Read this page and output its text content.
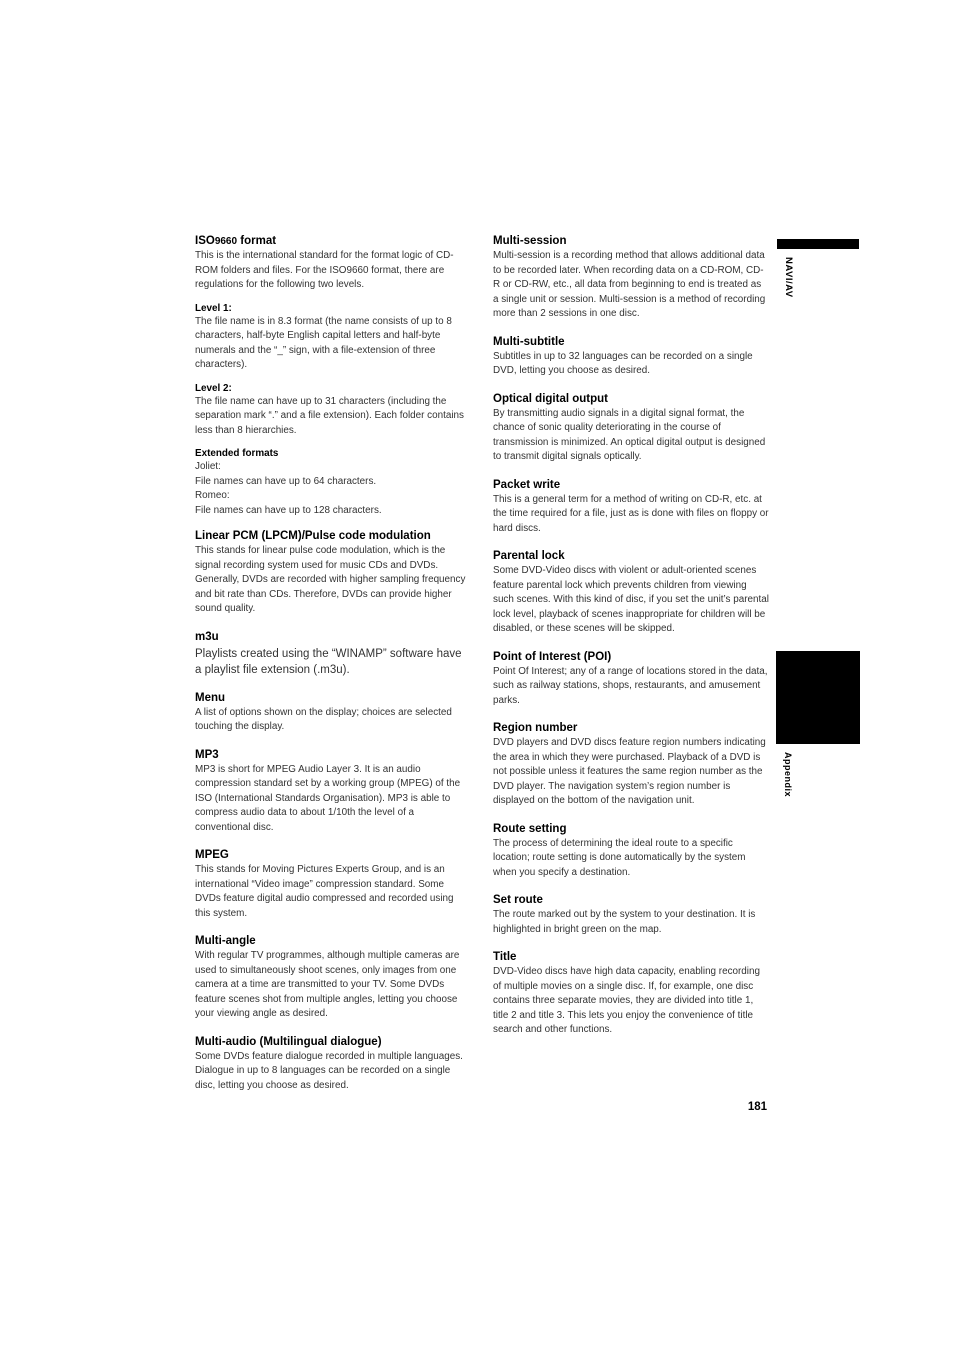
ISO9660 format

This is the international standard for the format logic of CD-ROM folders and files. For the ISO9660 format, there are regulations for the following two levels.

Level 1:

The file name is in 8.3 format (the name consists of up to 8 characters, half-byte English capital letters and half-byte numerals and the “_” sign, with a file-extension of three characters).

Level 2:

The file name can have up to 31 characters (including the separation mark “.” and a file extension). Each folder contains less than 8 hierarchies.

Extended formats

Joliet:

File names can have up to 64 characters.

Romeo:

File names can have up to 128 characters.

Linear PCM (LPCM)/Pulse code modulation

This stands for linear pulse code modulation, which is the signal recording system used for music CDs and DVDs. Generally, DVDs are recorded with higher sampling frequency and bit rate than CDs. Therefore, DVDs can provide higher sound quality.

m3u

Playlists created using the “WINAMP” software have a playlist file extension (.m3u).

Menu

A list of options shown on the display; choices are selected touching the display.

MP3

MP3 is short for MPEG Audio Layer 3. It is an audio compression standard set by a working group (MPEG) of the ISO (International Standards Organisation). MP3 is able to compress audio data to about 1/10th the level of a conventional disc.

MPEG

This stands for Moving Pictures Experts Group, and is an international “Video image” compression standard. Some DVDs feature digital audio compressed and recorded using this system.

Multi-angle

With regular TV programmes, although multiple cameras are used to simultaneously shoot scenes, only images from one camera at a time are transmitted to your TV. Some DVDs feature scenes shot from multiple angles, letting you choose your viewing angle as desired.

Multi-audio (Multilingual dialogue)

Some DVDs feature dialogue recorded in multiple languages. Dialogue in up to 8 languages can be recorded on a single disc, letting you choose as desired.

Multi-session

Multi-session is a recording method that allows additional data to be recorded later. When recording data on a CD-ROM, CD-R or CD-RW, etc., all data from beginning to end is treated as a single unit or session. Multi-session is a method of recording more than 2 sessions in one disc.

Multi-subtitle

Subtitles in up to 32 languages can be recorded on a single DVD, letting you choose as desired.

Optical digital output

By transmitting audio signals in a digital signal format, the chance of sonic quality deteriorating in the course of transmission is minimized. An optical digital output is designed to transmit digital signals optically.

Packet write

This is a general term for a method of writing on CD-R, etc. at the time required for a file, just as is done with files on floppy or hard discs.

Parental lock

Some DVD-Video discs with violent or adult-oriented scenes feature parental lock which prevents children from viewing such scenes. With this kind of disc, if you set the unit’s parental lock level, playback of scenes inappropriate for children will be disabled, or these scenes will be skipped.

Point of Interest (POI)

Point Of Interest; any of a range of locations stored in the data, such as railway stations, shops, restaurants, and amusement parks.

Region number

DVD players and DVD discs feature region numbers indicating the area in which they were purchased. Playback of a DVD is not possible unless it features the same region number as the DVD player. The navigation system’s region number is displayed on the bottom of the navigation unit.

Route setting

The process of determining the ideal route to a specific location; route setting is done automatically by the system when you specify a destination.

Set route

The route marked out by the system to your destination. It is highlighted in bright green on the map.

Title

DVD-Video discs have high data capacity, enabling recording of multiple movies on a single disc. If, for example, one disc contains three separate movies, they are divided into title 1, title 2 and title 3. This lets you enjoy the convenience of title search and other functions.

NAVI/AV
Appendix
181
